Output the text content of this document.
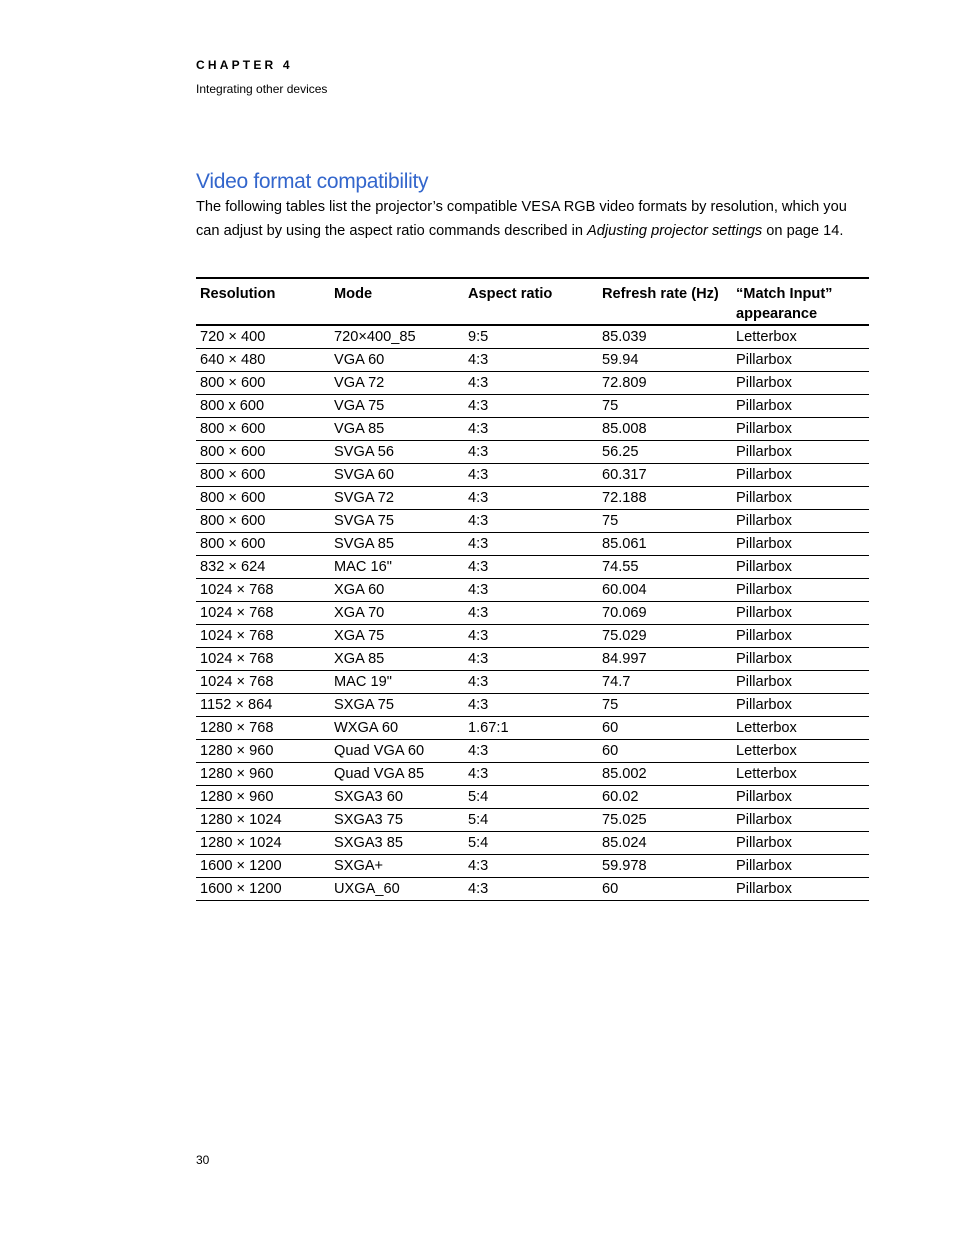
CHAPTER 4
Integrating other devices
Video format compatibility

The following tables list the projector’s compatible VESA RGB video formats by resolution, which you can adjust by using the aspect ratio commands described in Adjusting projector settings on page 14.

Resolution	Mode	Aspect ratio	Refresh rate (Hz)	“Match Input” appearance
720 × 400	720×400_85	9:5	85.039	Letterbox
640 × 480	VGA 60	4:3	59.94	Pillarbox
800 × 600	VGA 72	4:3	72.809	Pillarbox
800 x 600	VGA 75	4:3	75	Pillarbox
800 × 600	VGA 85	4:3	85.008	Pillarbox
800 × 600	SVGA 56	4:3	56.25	Pillarbox
800 × 600	SVGA 60	4:3	60.317	Pillarbox
800 × 600	SVGA 72	4:3	72.188	Pillarbox
800 × 600	SVGA 75	4:3	75	Pillarbox
800 × 600	SVGA 85	4:3	85.061	Pillarbox
832 × 624	MAC 16"	4:3	74.55	Pillarbox
1024 × 768	XGA 60	4:3	60.004	Pillarbox
1024 × 768	XGA 70	4:3	70.069	Pillarbox
1024 × 768	XGA 75	4:3	75.029	Pillarbox
1024 × 768	XGA 85	4:3	84.997	Pillarbox
1024 × 768	MAC 19"	4:3	74.7	Pillarbox
1152 × 864	SXGA 75	4:3	75	Pillarbox
1280 × 768	WXGA 60	1.67:1	60	Letterbox
1280 × 960	Quad VGA 60	4:3	60	Letterbox
1280 × 960	Quad VGA 85	4:3	85.002	Letterbox
1280 × 960	SXGA3 60	5:4	60.02	Pillarbox
1280 × 1024	SXGA3 75	5:4	75.025	Pillarbox
1280 × 1024	SXGA3 85	5:4	85.024	Pillarbox
1600 × 1200	SXGA+	4:3	59.978	Pillarbox
1600 × 1200	UXGA_60	4:3	60	Pillarbox
30
